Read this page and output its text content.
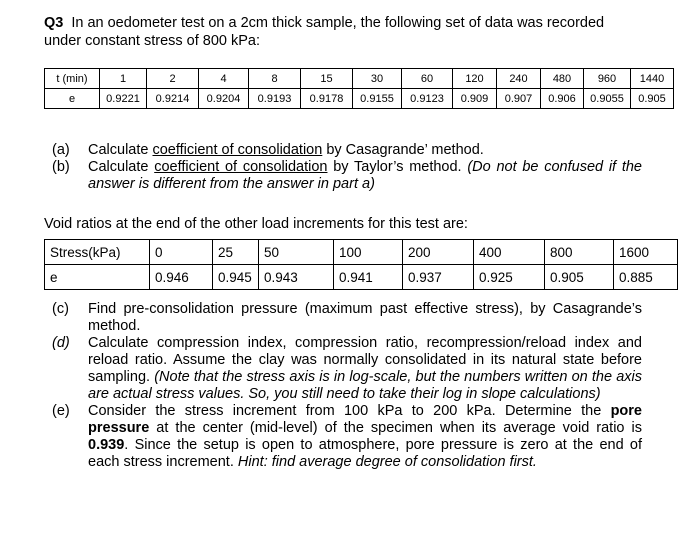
Q3 In an oedometer test on a 2cm thick sample, the following set of data was recorded under constant stress of 800 kPa:
t (min)	1	2	4	8	15	30	60	120	240	480	960	1440
e	0.9221	0.9214	0.9204	0.9193	0.9178	0.9155	0.9123	0.909	0.907	0.906	0.9055	0.905
(a)	Calculate coefficient of consolidation by Casagrande’ method.
(b)	Calculate coefficient of consolidation by Taylor’s method. (Do not be confused if the answer is different from the answer in part a)
Void ratios at the end of the other load increments for this test are:
Stress(kPa)	0	25	50	100	200	400	800	1600
e	0.946	0.945	0.943	0.941	0.937	0.925	0.905	0.885
(c)	Find pre-consolidation pressure (maximum past effective stress), by Casagrande’s method.
(d)	Calculate compression index, compression ratio, recompression/reload index and reload ratio. Assume the clay was normally consolidated in its natural state before sampling. (Note that the stress axis is in log-scale, but the numbers written on the axis are actual stress values. So, you still need to take their log in slope calculations)
(e)	Consider the stress increment from 100 kPa to 200 kPa. Determine the pore pressure at the center (mid-level) of the specimen when its average void ratio is 0.939. Since the setup is open to atmosphere, pore pressure is zero at the end of each stress increment. Hint: find average degree of consolidation first.
